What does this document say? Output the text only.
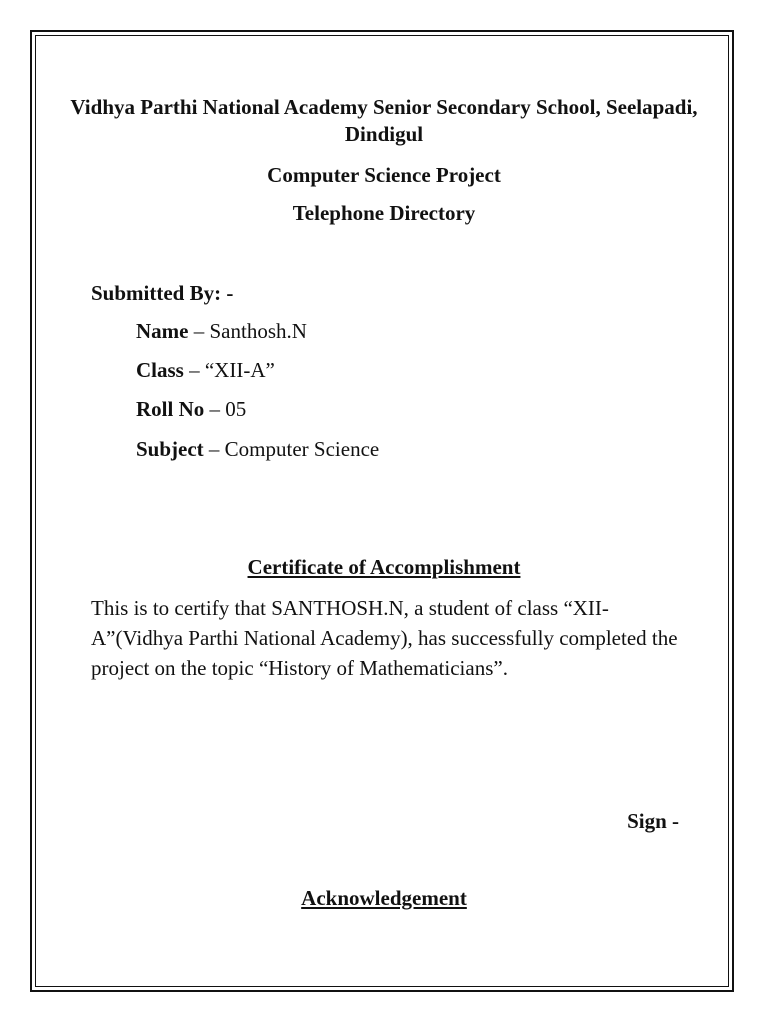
Vidhya Parthi National Academy Senior Secondary School, Seelapadi, Dindigul
Computer Science Project
Telephone Directory
Submitted By: -
Name – Santhosh.N
Class – “XII-A”
Roll No – 05
Subject – Computer Science
Certificate of Accomplishment
This is to certify that SANTHOSH.N, a student of class “XII-A”(Vidhya Parthi National Academy), has successfully completed the project on the topic “History of Mathematicians”.
Sign -
Acknowledgement
